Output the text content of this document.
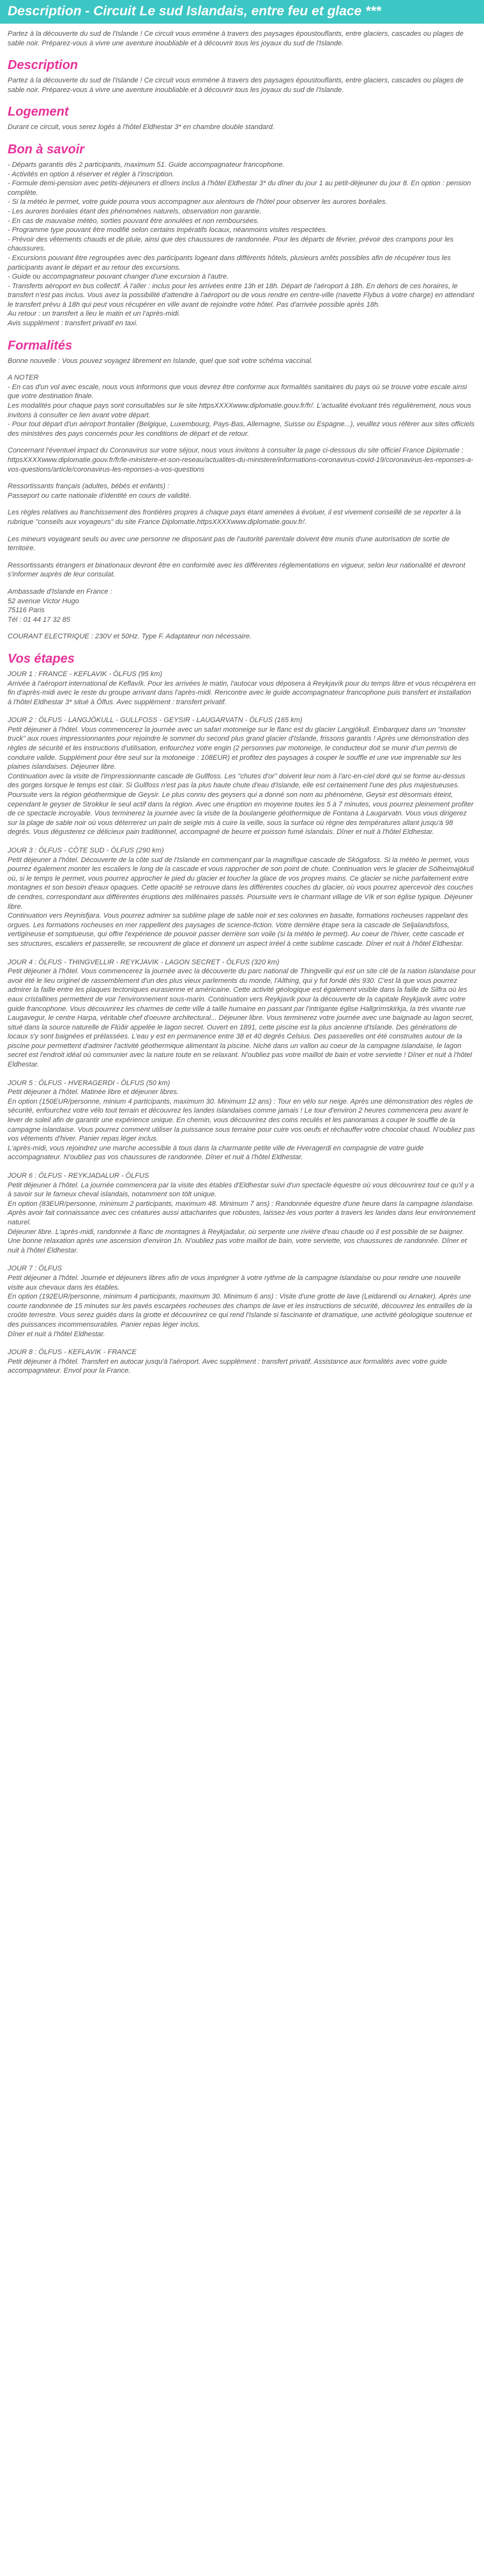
Description - Circuit Le sud Islandais, entre feu et glace ***

Partez à la découverte du sud de l'Islande ! Ce circuit vous emmène à travers des paysages époustouflants, entre glaciers, cascades ou plages de sable noir. Préparez-vous à vivre une aventure inoubliable et à découvrir tous les joyaux du sud de l'Islande.

Description

Partez à la découverte du sud de l'Islande ! Ce circuit vous emmène à travers des paysages époustouflants, entre glaciers, cascades ou plages de sable noir. Préparez-vous à vivre une aventure inoubliable et à découvrir tous les joyaux du sud de l'Islande.

Logement

Durant ce circuit, vous serez logés à l'hôtel Eldhestar 3* en chambre double standard.

Bon à savoir

- Départs garantis dès 2 participants, maximum 51. Guide accompagnateur francophone.
- Activités en option à réserver et régler à l'inscription.
- Formule demi-pension avec petits-déjeuners et dîners inclus à l'hôtel Eldhestar 3* du dîner du jour 1 au petit-déjeuner du jour 8. En option : pension complète.
- Si la météo le permet, votre guide pourra vous accompagner aux alentours de l'hôtel pour observer les aurores boréales.
- Les aurores boréales étant des phénomènes naturels, observation non garantie.
- En cas de mauvaise météo, sorties pouvant être annulées et non remboursées.
- Programme type pouvant être modifié selon certains impératifs locaux, néanmoins visites respectées.
- Prévoir des vêtements chauds et de pluie, ainsi que des chaussures de randonnée. Pour les départs de février, prévoir des crampons pour les chaussures.
- Excursions pouvant être regroupées avec des participants logeant dans différents hôtels, plusieurs arrêts possibles afin de récupérer tous les participants avant le départ et au retour des excursions.
- Guide ou accompagnateur pouvant changer d'une excursion à l'autre.
- Transferts aéroport en bus collectif. À l'aller : inclus pour les arrivées entre 13h et 18h. Départ de l'aéroport à 18h. En dehors de ces horaires, le transfert n'est pas inclus. Vous avez la possibilité d'attendre à l'aéroport ou de vous rendre en centre-ville (navette Flybus à votre charge) en attendant le transfert prévu à 18h qui peut vous récupérer en ville avant de rejoindre votre hôtel. Pas d'arrivée possible après 18h.
Au retour : un transfert a lieu le matin et un l'après-midi.
Avis supplément : transfert privatif en taxi.

Formalités

Bonne nouvelle : Vous pouvez voyagez librement en Islande, quel que soit votre schéma vaccinal.

A NOTER
- En cas d'un vol avec escale, nous vous informons que vous devrez être conforme aux formalités sanitaires du pays où se trouve votre escale ainsi que votre destination finale.
Les modalités pour chaque pays sont consultables sur le site httpsXXXXwww.diplomatie.gouv.fr/fr/. L'actualité évoluant très régulièrement, nous vous invitons à consulter ce lien avant votre départ.
- Pour tout départ d'un aéroport frontalier (Belgique, Luxembourg, Pays-Bas, Allemagne, Suisse ou Espagne...), veuillez vous référer aux sites officiels des ministères des pays concernés pour les conditions de départ et de retour.

Concernant l'éventuel impact du Coronavirus sur votre séjour, nous vous invitons à consulter la page ci-dessous du site officiel France Diplomatie :
httpsXXXXwww.diplomatie.gouv.fr/fr/le-ministere-et-son-reseau/actualites-du-ministere/informations-coronavirus-covid-19/coronavirus-les-reponses-a-vos-questions/article/coronavirus-les-reponses-a-vos-questions

Ressortissants français (adultes, bébés et enfants) :
Passeport ou carte nationale d'identité en cours de validité.

Les règles relatives au franchissement des frontières propres à chaque pays étant amenées à évoluer, il est vivement conseillé de se reporter à la rubrique "conseils aux voyageurs" du site France Diplomatie.httpsXXXXwww.diplomatie.gouv.fr/.

Les mineurs voyageant seuls ou avec une personne ne disposant pas de l'autorité parentale doivent être munis d'une autorisation de sortie de territoire.

Ressortissants étrangers et binationaux devront être en conformité avec les différentes réglementations en vigueur, selon leur nationalité et devront s'informer auprès de leur consulat.

Ambassade d'Islande en France :
52 avenue Victor Hugo
75116 Paris
Tél : 01 44 17 32 85

COURANT ELECTRIQUE : 230V et 50Hz. Type F. Adaptateur non nécessaire.

Vos étapes

JOUR 1 : FRANCE - KEFLAVIK - ÖLFUS (95 km)

Arrivée à l'aéroport international de Keflavík. Pour les arrivées le matin, l'autocar vous déposera à Reykjavík pour du temps libre et vous récupérera en fin d'après-midi avec le reste du groupe arrivant dans l'après-midi. Rencontre avec le guide accompagnateur francophone puis transfert et installation à l'hôtel Eldhestar 3* situé à Ölfus. Avec supplément : transfert privatif.

JOUR 2 : ÖLFUS - LANGJÖKULL - GULLFOSS - GEYSIR - LAUGARVATN - ÖLFUS (165 km)

Petit déjeuner à l'hôtel. Vous commencerez la journée avec un safari motoneige sur le flanc est du glacier Langjökull. Embarquez dans un "monster truck" aux roues impressionnantes pour rejoindre le sommet du second plus grand glacier d'Islande, frissons garantis ! Après une démonstration des règles de sécurité et les instructions d'utilisation, enfourchez votre engin (2 personnes par motoneige, le conducteur doit se munir d'un permis de conduire valide. Supplément pour être seul sur la motoneige : 108EUR) et profitez des paysages à couper le souffle et une vue imprenable sur les plaines islandaises. Déjeuner libre.
Continuation avec la visite de l'impressionnante cascade de Gullfoss. Les "chutes d'or" doivent leur nom à l'arc-en-ciel doré qui se forme au-dessus des gorges lorsque le temps est clair. Si Gullfoss n'est pas la plus haute chute d'eau d'Islande, elle est certainement l'une des plus majestueuses. Poursuite vers la région géothermique de Geysir. Le plus connu des geysers qui a donné son nom au phénomène, Geysir est désormais éteint, cependant le geyser de Strokkur le seul actif dans la région. Avec une éruption en moyenne toutes les 5 à 7 minutes, vous pourrez pleinement profiter de ce spectacle incroyable. Vous terminerez la journée avec la visite de la boulangerie géothermique de Fontana à Laugarvatn. Vous vous dirigerez sur la plage de sable noir où vous déterrerez un pain de seigle mis à cuire la veille, sous la surface où règne des températures allant jusqu'à 98 degrés. Vous dégusterez ce délicieux pain traditionnel, accompagné de beurre et poisson fumé islandais. Dîner et nuit à l'hôtel Eldhestar.

JOUR 3 : ÖLFUS - CÔTE SUD - ÖLFUS (290 km)

Petit déjeuner à l'hôtel. Découverte de la côte sud de l'Islande en commençant par la magnifique cascade de Skógafoss. Si la météo le permet, vous pourrez également monter les escaliers le long de la cascade et vous rapprocher de son point de chute. Continuation vers le glacier de Sólheimajökull où, si le temps le permet, vous pourrez approcher le pied du glacier et toucher la glace de vos propres mains. Ce glacier se niche parfaitement entre montagnes et son besoin d'eaux opaques. Cette opacité se retrouve dans les différentes couches du glacier, où vous pourrez apercevoir des couches de cendres, correspondant aux différentes éruptions des millénaires passés. Poursuite vers le charmant village de Vík et son église typique. Déjeuner libre.
Continuation vers Reynisfjara. Vous pourrez admirer sa sublime plage de sable noir et ses colonnes en basalte, formations rocheuses rappelant des orgues. Les formations rocheuses en mer rappellent des paysages de science-fiction. Votre dernière étape sera la cascade de Seljalandsfoss, vertigineuse et somptueuse, qui offre l'expérience de pouvoir passer derrière son voile (si la météo le permet). Au coeur de l'hiver, cette cascade et ses structures, escaliers et passerelle, se recouvrent de glace et donnent un aspect irréel à cette sublime cascade. Dîner et nuit à l'hôtel Eldhestar.

JOUR 4 : ÖLFUS - THINGVELLIR - REYKJAVIK - LAGON SECRET - ÖLFUS (320 km)

Petit déjeuner à l'hôtel. Vous commencerez la journée avec la découverte du parc national de Thingvellir qui est un site clé de la nation islandaise pour avoir été le lieu originel de rassemblement d'un des plus vieux parlements du monde, l'Althing, qui y fut fondé dès 930. C'est là que vous pourrez admirer la faille entre les plaques tectoniques eurasienne et américaine. Cette activité géologique est également visible dans la faille de Silfra où les eaux cristallines permettent de voir l'environnement sous-marin. Continuation vers Reykjavík pour la découverte de la capitale Reykjavík avec votre guide francophone. Vous découvrirez les charmes de cette ville à taille humaine en passant par l'intrigante église Hallgrímskirkja, la très vivante rue Laugavegur, le centre Harpa, véritable chef d'oeuvre architectural... Déjeuner libre. Vous terminerez votre journée avec une baignade au lagon secret, situé dans la source naturelle de Flúðir appelée le lagon secret. Ouvert en 1891, cette piscine est la plus ancienne d'Islande. Des générations de locaux s'y sont baignées et prélassées. L'eau y est en permanence entre 38 et 40 degrés Celsius. Des passerelles ont été construites autour de la piscine pour permettent d'admirer l'activité géothermique alimentant la piscine. Niché dans un vallon au coeur de la campagne islandaise, le lagon secret est l'endroit idéal où communier avec la nature toute en se relaxant. N'oubliez pas votre maillot de bain et votre serviette ! Dîner et nuit à l'hôtel Eldhestar.

JOUR 5 : ÖLFUS - HVERAGERDI - ÖLFUS (50 km)

Petit déjeuner à l'hôtel. Matinée libre et déjeuner libres.
En option (150EUR/personne, minium 4 participants, maximum 30. Minimum 12 ans) : Tour en vélo sur neige. Après une démonstration des règles de sécurité, enfourchez votre vélo tout terrain et découvrez les landes islandaises comme jamais ! Le tour d'environ 2 heures commencera peu avant le lever de soleil afin de garantir une expérience unique. En chemin, vous découvrirez des coins reculés et les panoramas à couper le souffle de la campagne islandaise. Vous pourrez comment utiliser la puissance sous terraine pour cuire vos oeufs et réchauffer votre chocolat chaud. N'oubliez pas vos vêtements d'hiver. Panier repas léger inclus.
L'après-midi, vous rejoindrez une marche accessible à tous dans la charmante petite ville de Hveragerdi en compagnie de votre guide accompagnateur. N'oubliez pas vos chaussures de randonnée. Dîner et nuit à l'hôtel Eldhestar.

JOUR 6 : ÖLFUS - REYKJADALUR - ÖLFUS

Petit déjeuner à l'hôtel. La journée commencera par la visite des étables d'Eldhestar suivi d'un spectacle équestre où vous découvrirez tout ce qu'il y a à savoir sur le fameux cheval islandais, notamment son tölt unique.
En option (83EUR/personne, minimum 2 participants, maximum 48. Minimum 7 ans) : Randonnée équestre d'une heure dans la campagne islandaise. Après avoir fait connaissance avec ces créatures aussi attachantes que robustes, laissez-les vous porter à travers les landes dans leur environnement naturel.
Déjeuner libre. L'après-midi, randonnée à flanc de montagnes à Reykjadalur, où serpente une rivière d'eau chaude où il est possible de se baigner. Une bonne relaxation après une ascension d'environ 1h. N'oubliez pas votre maillot de bain, votre serviette, vos chaussures de randonnée. Dîner et nuit à l'hôtel Eldhestar.

JOUR 7 : ÖLFUS

Petit déjeuner à l'hôtel. Journée et déjeuners libres afin de vous imprégner à votre rythme de la campagne islandaise ou pour rendre une nouvelle visite aux chevaux dans les étables.
En option (192EUR/personne, minimum 4 participants, maximum 30. Minimum 6 ans) : Visite d'une grotte de lave (Leidarendi ou Arnaker). Après une courte randonnée de 15 minutes sur les pavés escarpées rocheuses des champs de lave et les instructions de sécurité, découvrez les entrailles de la croûte terrestre. Vous serez guidés dans la grotte et découvrirez ce qui rend l'Islande si fascinante et dramatique, une activité géologique soutenue et des puissances incommensurables. Panier repas léger inclus.
Dîner et nuit à l'hôtel Eldhestar.

JOUR 8 : ÖLFUS - KEFLAVIK - FRANCE

Petit déjeuner à l'hôtel. Transfert en autocar jusqu'à l'aéroport. Avec supplément : transfert privatif. Assistance aux formalités avec votre guide accompagnateur. Envol pour la France.
